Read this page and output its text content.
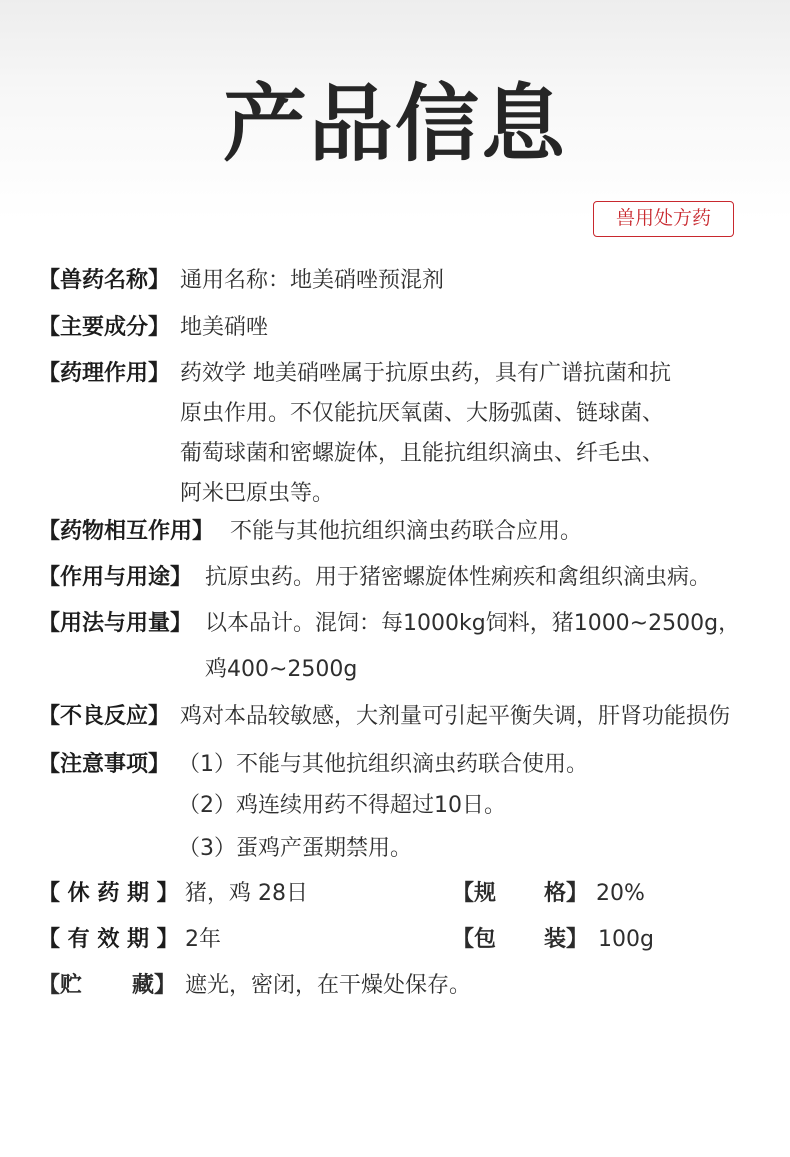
产品信息
兽用处方药
【兽药名称】 通用名称：地美硝唑预混剂
【主要成分】 地美硝唑
【药理作用】 药效学 地美硝唑属于抗原虫药，具有广谱抗菌和抗
原虫作用。不仅能抗厌氧菌、大肠弧菌、链球菌、
葡萄球菌和密螺旋体，且能抗组织滴虫、纤毛虫、
阿米巴原虫等。
【药物相互作用】 不能与其他抗组织滴虫药联合应用。
【作用与用途】 抗原虫药。用于猪密螺旋体性痢疾和禽组织滴虫病。
【用法与用量】 以本品计。混饲：每1000kg饲料，猪1000~2500g，
鸡400~2500g
【不良反应】 鸡对本品较敏感，大剂量可引起平衡失调，肝肾功能损伤
【注意事项】 （1）不能与其他抗组织滴虫药联合使用。
（2）鸡连续用药不得超过10日。
（3）蛋鸡产蛋期禁用。
【 休 药 期 】 猪，鸡 28日	【规 格】 20%
【 有 效 期 】 2年	【包 装】 100g
【贮 藏】 遮光，密闭，在干燥处保存。
